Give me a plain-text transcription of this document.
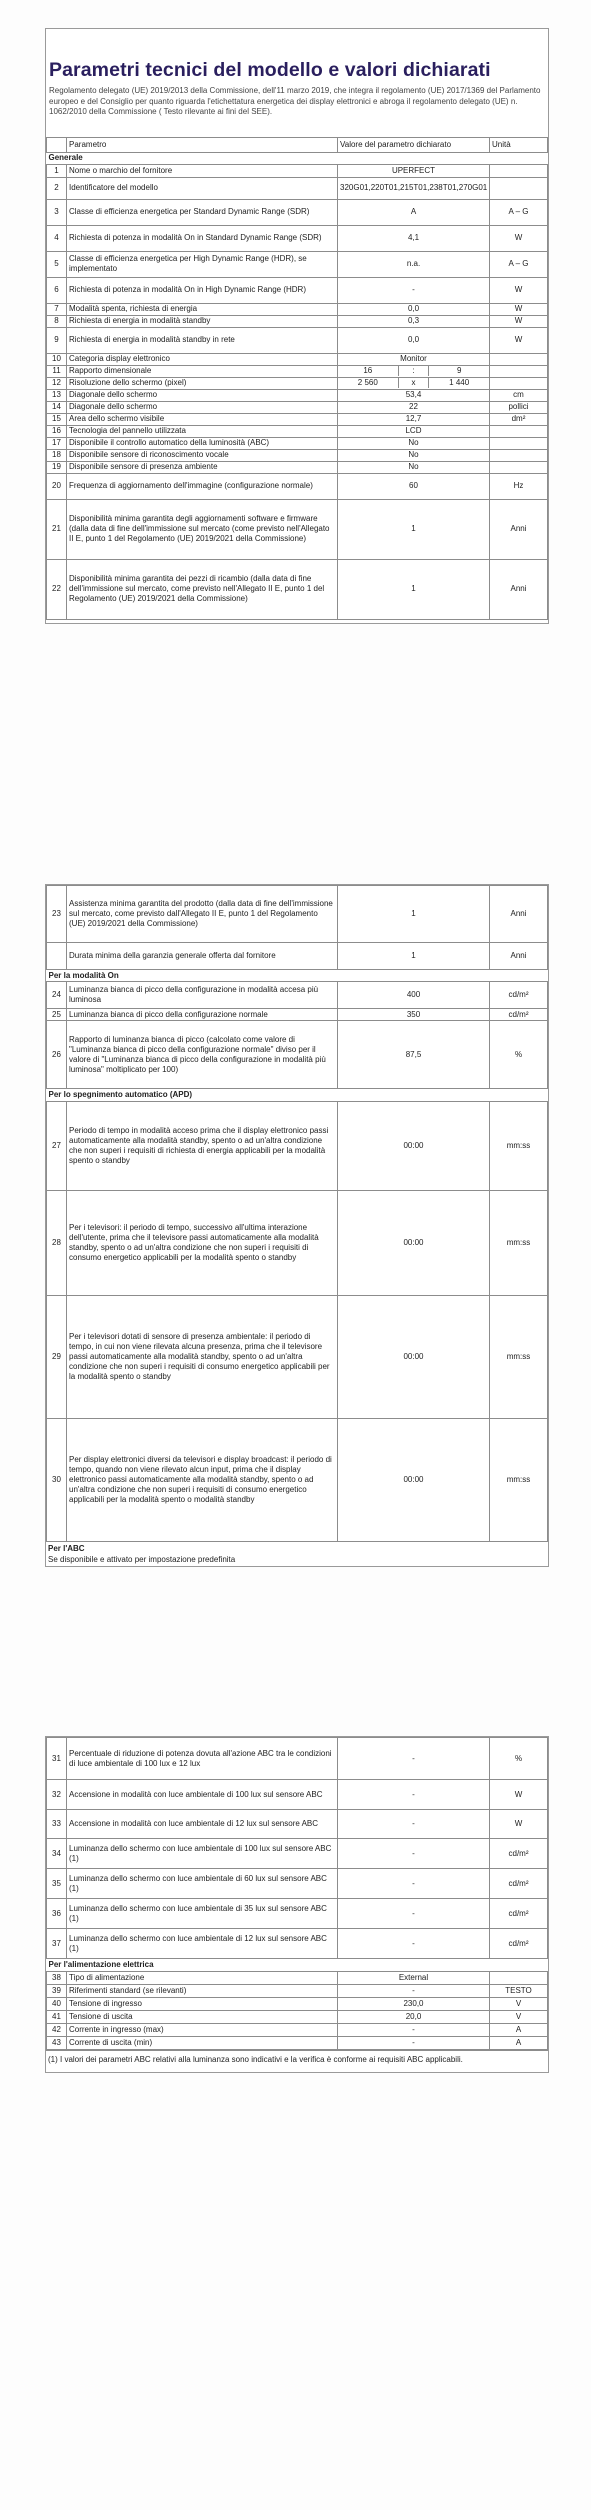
Parametri tecnici del modello e valori dichiarati
Regolamento delegato (UE) 2019/2013 della Commissione, dell'11 marzo 2019, che integra il regolamento (UE) 2017/1369 del Parlamento europeo e del Consiglio per quanto riguarda l'etichettatura energetica dei display elettronici e abroga il regolamento delegato (UE) n. 1062/2010 della Commissione ( Testo rilevante ai fini del SEE).
	Parametro	Valore del parametro dichiarato	Unità
Generale			
1	Nome o marchio del fornitore	UPERFECT	
2	Identificatore del modello	320G01,220T01,215T01,238T01,270G01	
3	Classe di efficienza energetica per Standard Dynamic Range (SDR)	A	A – G
4	Richiesta di potenza in modalità On in Standard Dynamic Range (SDR)	4,1	W
5	Classe di efficienza energetica per High Dynamic Range (HDR), se implementato	n.a.	A – G
6	Richiesta di potenza in modalità On in High Dynamic Range (HDR)	-	W
7	Modalità spenta, richiesta di energia	0,0	W
8	Richiesta di energia in modalità standby	0,3	W
9	Richiesta di energia in modalità standby in rete	0,0	W
10	Categoria display elettronico	Monitor	
11	Rapporto dimensionale	16 : 9	

12	Risoluzione dello schermo (pixel)	2 560 x 1 440	

13	Diagonale dello schermo	53,4	cm
14	Diagonale dello schermo	22	pollici
15	Area dello schermo visibile	12,7	dm²
16	Tecnologia del pannello utilizzata	LCD	
17	Disponibile il controllo automatico della luminosità (ABC)	No	
18	Disponibile sensore di riconoscimento vocale	No	
19	Disponibile sensore di presenza ambiente	No	
20	Frequenza di aggiornamento dell'immagine (configurazione normale)	60	Hz
21	Disponibilità minima garantita degli aggiornamenti software e firmware (dalla data di fine dell'immissione sul mercato (come previsto nell'Allegato II E, punto 1 del Regolamento (UE) 2019/2021 della Commissione)	1	Anni
22	Disponibilità minima garantita dei pezzi di ricambio (dalla data di fine dell'immissione sul mercato, come previsto nell'Allegato II E, punto 1 del Regolamento (UE) 2019/2021 della Commissione)	1	Anni
23	Assistenza minima garantita del prodotto (dalla data di fine dell'immissione sul mercato, come previsto dall'Allegato II E, punto 1 del Regolamento (UE) 2019/2021 della Commissione)	1	Anni
	Durata minima della garanzia generale offerta dal fornitore	1	Anni
Per la modalità On			
24	Luminanza bianca di picco della configurazione in modalità accesa più luminosa	400	cd/m²
25	Luminanza bianca di picco della configurazione normale	350	cd/m²
26	Rapporto di luminanza bianca di picco (calcolato come valore di "Luminanza bianca di picco della configurazione normale" diviso per il valore di "Luminanza bianca di picco della configurazione in modalità più luminosa" moltiplicato per 100)	87,5	%
Per lo spegnimento automatico (APD)			
27	Periodo di tempo in modalità acceso prima che il display elettronico passi automaticamente alla modalità standby, spento o ad un'altra condizione che non superi i requisiti di richiesta di energia applicabili per la modalità spento o standby	00:00	mm:ss
28	Per i televisori: il periodo di tempo, successivo all'ultima interazione dell'utente, prima che il televisore passi automaticamente alla modalità standby, spento o ad un'altra condizione che non superi i requisiti di consumo energetico applicabili per la modalità spento o standby	00:00	mm:ss
29	Per i televisori dotati di sensore di presenza ambientale: il periodo di tempo, in cui non viene rilevata alcuna presenza, prima che il televisore passi automaticamente alla modalità standby, spento o ad un'altra condizione che non superi i requisiti di consumo energetico applicabili per la modalità spento o standby	00:00	mm:ss
30	Per display elettronici diversi da televisori e display broadcast: il periodo di tempo, quando non viene rilevato alcun input, prima che il display elettronico passi automaticamente alla modalità standby, spento o ad un'altra condizione che non superi i requisiti di consumo energetico applicabili per la modalità spento o modalità standby	00:00	mm:ss
Per l'ABC
Se disponibile e attivato per impostazione predefinita
31	Percentuale di riduzione di potenza dovuta all'azione ABC tra le condizioni di luce ambientale di 100 lux e 12 lux	-	%
32	Accensione in modalità con luce ambientale di 100 lux sul sensore ABC	-	W
33	Accensione in modalità con luce ambientale di 12 lux sul sensore ABC	-	W
34	Luminanza dello schermo con luce ambientale di 100 lux sul sensore ABC (1)	-	cd/m²
35	Luminanza dello schermo con luce ambientale di 60 lux sul sensore ABC (1)	-	cd/m²
36	Luminanza dello schermo con luce ambientale di 35 lux sul sensore ABC (1)	-	cd/m²
37	Luminanza dello schermo con luce ambientale di 12 lux sul sensore ABC (1)	-	cd/m²
Per l'alimentazione elettrica			
38	Tipo di alimentazione	External	
39	Riferimenti standard (se rilevanti)	-	TESTO
40	Tensione di ingresso	230,0	V
41	Tensione di uscita	20,0	V
42	Corrente in ingresso (max)	-	A
43	Corrente di uscita (min)	-	A
(1) I valori dei parametri ABC relativi alla luminanza sono indicativi e la verifica è conforme ai requisiti ABC applicabili.
